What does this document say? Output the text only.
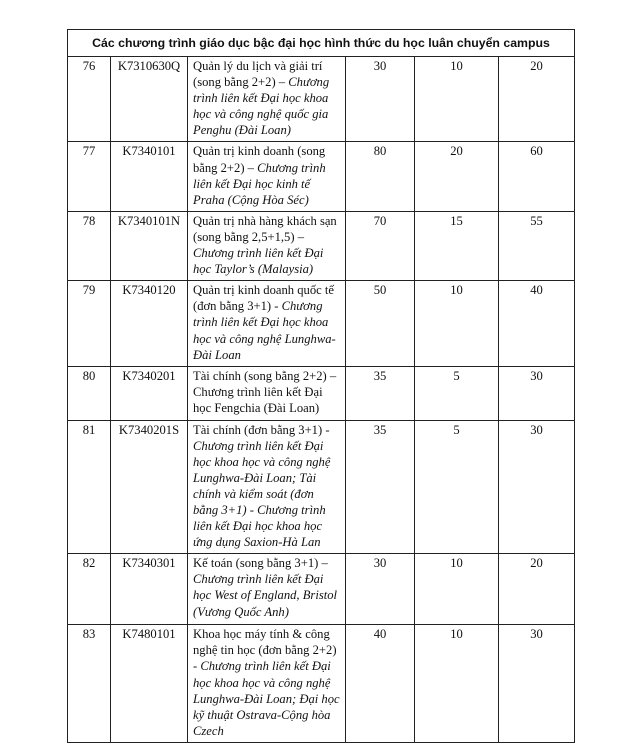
Các chương trình giáo dục bậc đại học hình thức du học luân chuyển campus					
76	K7310630Q	Quản lý du lịch và giải trí (song bằng 2+2) – Chương trình liên kết Đại học khoa học và công nghệ quốc gia Penghu (Đài Loan)	30	10	20
77	K7340101	Quản trị kinh doanh (song bằng 2+2) – Chương trình liên kết Đại học kinh tế Praha (Cộng Hòa Séc)	80	20	60
78	K7340101N	Quản trị nhà hàng khách sạn (song bằng 2,5+1,5) – Chương trình liên kết Đại học Taylor’s (Malaysia)	70	15	55
79	K7340120	Quản trị kinh doanh quốc tế (đơn bằng 3+1) - Chương trình liên kết Đại học khoa học và công nghệ Lunghwa-Đài Loan	50	10	40
80	K7340201	Tài chính (song bằng 2+2) – Chương trình liên kết Đại học Fengchia (Đài Loan)	35	5	30
81	K7340201S	Tài chính (đơn bằng 3+1) - Chương trình liên kết Đại học khoa học và công nghệ Lunghwa-Đài Loan; Tài chính và kiểm soát (đơn bằng 3+1) - Chương trình liên kết Đại học khoa học ứng dụng Saxion-Hà Lan	35	5	30
82	K7340301	Kế toán (song bằng 3+1) – Chương trình liên kết Đại học West of England, Bristol (Vương Quốc Anh)	30	10	20
83	K7480101	Khoa học máy tính & công nghệ tin học (đơn bằng 2+2) - Chương trình liên kết Đại học khoa học và công nghệ Lunghwa-Đài Loan; Đại học kỹ thuật Ostrava-Cộng hòa Czech	40	10	30
